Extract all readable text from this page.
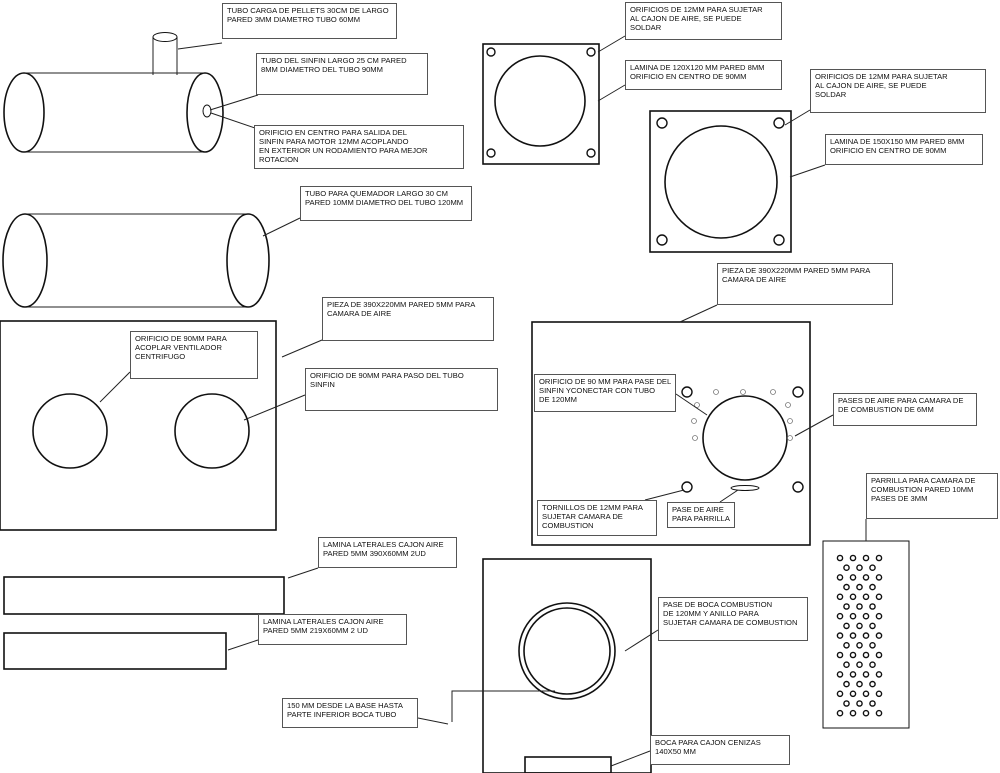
TUBO CARGA DE PELLETS 30CM DE LARGO
PARED 3MM DIAMETRO TUBO 60MM
TUBO DEL SINFIN LARGO 25 CM PARED
8MM DIAMETRO DEL TUBO 90MM
ORIFICIO EN CENTRO PARA SALIDA DEL
SINFIN PARA MOTOR 12MM ACOPLANDO
EN EXTERIOR UN RODAMIENTO PARA MEJOR
ROTACION
TUBO PARA QUEMADOR LARGO 30 CM
PARED 10MM DIAMETRO DEL TUBO 120MM
ORIFICIOS DE 12MM PARA SUJETAR
AL CAJON DE AIRE, SE PUEDE
SOLDAR
LAMINA DE 120X120 MM PARED 8MM
ORIFICIO EN CENTRO DE 90MM	ORIFICIOS DE 12MM PARA SUJETAR
AL CAJON DE AIRE, SE PUEDE
SOLDAR
LAMINA DE 150X150 MM PARED 8MM
ORIFICIO EN CENTRO DE 90MM
PIEZA DE 390X220MM PARED 5MM PARA
CAMARA DE AIRE
ORIFICIO DE 90MM PARA
ACOPLAR VENTILADOR
CENTRIFUGO
ORIFICIO DE 90MM PARA PASO DEL TUBO
SINFIN
PIEZA DE 390X220MM PARED 5MM PARA
CAMARA DE AIRE
ORIFICIO DE 90 MM PARA PASE DEL
SINFIN YCONECTAR CON TUBO
DE 120MM	PASES DE AIRE PARA CAMARA DE
DE COMBUSTION DE 6MM
TORNILLOS DE 12MM PARA
SUJETAR CAMARA DE
COMBUSTION
PASE DE AIRE
PARA PARRILLA
PARRILLA PARA CAMARA DE
COMBUSTION PARED 10MM
PASES DE 3MM
LAMINA LATERALES CAJON AIRE
PARED 5MM 390X60MM 2UD
LAMINA LATERALES CAJON AIRE
PARED 5MM 219X60MM 2 UD
PASE DE BOCA COMBUSTION
DE 120MM Y ANILLO PARA
SUJETAR CAMARA DE COMBUSTION
150 MM DESDE LA BASE HASTA
PARTE INFERIOR BOCA TUBO
BOCA PARA CAJON CENIZAS
140X50 MM
